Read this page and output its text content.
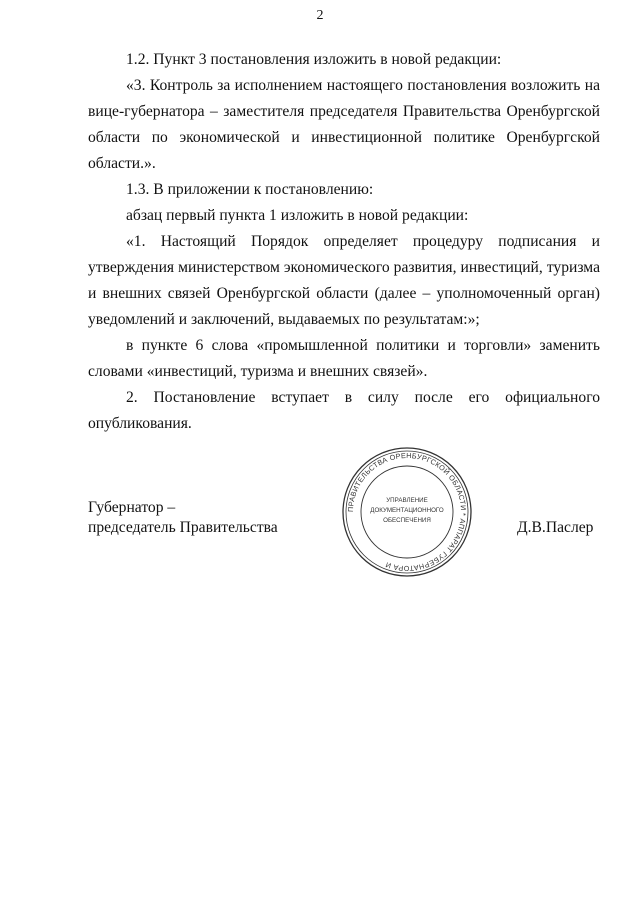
2
1.2. Пункт 3 постановления изложить в новой редакции:
«3. Контроль за исполнением настоящего постановления возложить на
вице-губернатора – заместителя председателя Правительства Оренбургской
области по экономической и инвестиционной политике Оренбургской
области.».
1.3. В приложении к постановлению:
абзац первый пункта 1 изложить в новой редакции:
«1. Настоящий Порядок определяет процедуру подписания и
утверждения министерством экономического развития, инвестиций, туризма
и внешних связей Оренбургской области (далее – уполномоченный орган)
уведомлений и заключений, выдаваемых по результатам:»;
в пункте 6 слова «промышленной политики и торговли» заменить
словами «инвестиций, туризма и внешних связей».
2. Постановление вступает в силу после его официального
опубликования.
Губернатор –
председатель Правительства	Д.В.Паслер
ПРАВИТЕЛЬСТВА ОРЕНБУРГСКОЙ ОБЛАСТИ * АППАРАТ ГУБЕРНАТОРА И
УПРАВЛЕНИЕ
ДОКУМЕНТАЦИОННОГО
ОБЕСПЕЧЕНИЯ
